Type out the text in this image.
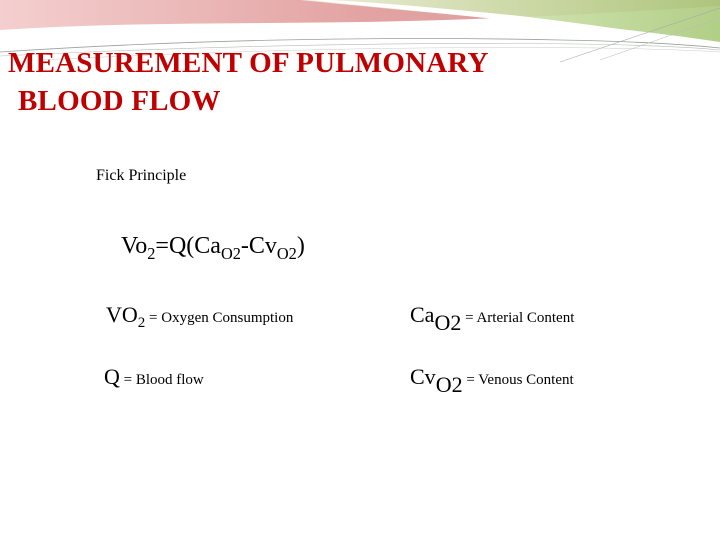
MEASUREMENT OF PULMONARY
BLOOD FLOW
Fick Principle
$Vo_2=Q(Ca_{O2}-Cv_{O2})$
VO2 = Oxygen Consumption	CaO2 = Arterial Content
Q = Blood flow	CvO2 = Venous Content
